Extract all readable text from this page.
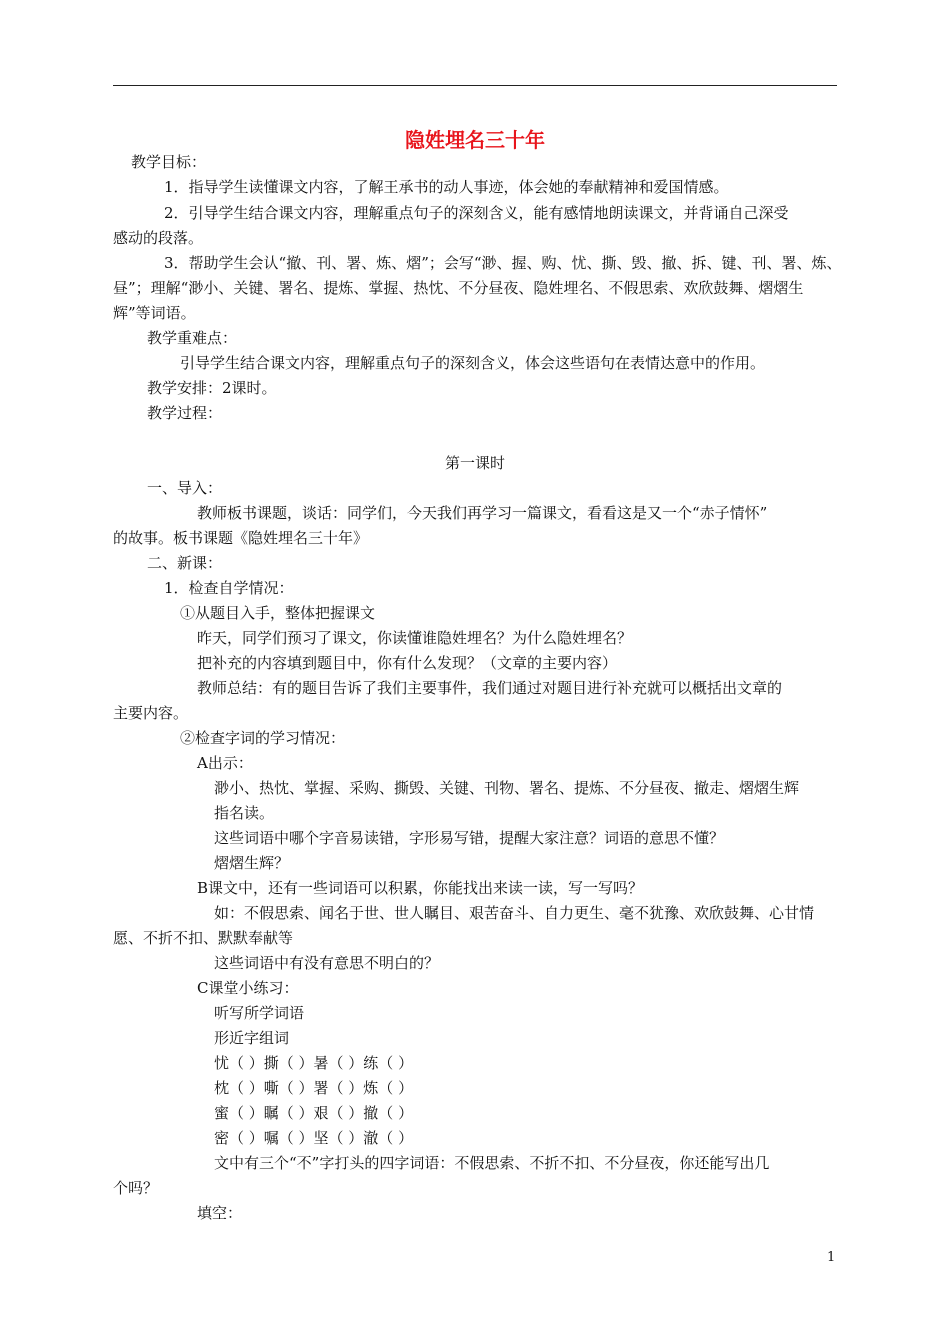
隐姓埋名三十年
教学目标：
1．指导学生读懂课文内容，了解王承书的动人事迹，体会她的奉献精神和爱国情感。
2．引导学生结合课文内容，理解重点句子的深刻含义，能有感情地朗读课文，并背诵自己深受
感动的段落。
3．帮助学生会认“撤、刊、署、炼、熠”；会写“渺、握、购、忧、撕、毁、撤、拆、键、刊、署、炼、
昼”；理解“渺小、关键、署名、提炼、掌握、热忱、不分昼夜、隐姓埋名、不假思索、欢欣鼓舞、熠熠生
辉”等词语。
教学重难点：
引导学生结合课文内容，理解重点句子的深刻含义，体会这些语句在表情达意中的作用。
教学安排：2课时。
教学过程：
第一课时
一、导入：
教师板书课题，谈话：同学们，今天我们再学习一篇课文，看看这是又一个“赤子情怀”
的故事。板书课题《隐姓埋名三十年》
二、新课：
1．检查自学情况：
①从题目入手，整体把握课文
昨天，同学们预习了课文，你读懂谁隐姓埋名？为什么隐姓埋名？
把补充的内容填到题目中，你有什么发现？（文章的主要内容）
教师总结：有的题目告诉了我们主要事件，我们通过对题目进行补充就可以概括出文章的
主要内容。
②检查字词的学习情况：
A出示：
渺小、热忱、掌握、采购、撕毁、关键、刊物、署名、提炼、不分昼夜、撤走、熠熠生辉
指名读。
这些词语中哪个字音易读错，字形易写错，提醒大家注意？词语的意思不懂？
熠熠生辉？
B课文中，还有一些词语可以积累，你能找出来读一读，写一写吗？
如：不假思索、闻名于世、世人瞩目、艰苦奋斗、自力更生、毫不犹豫、欢欣鼓舞、心甘情
愿、不折不扣、默默奉献等
这些词语中有没有意思不明白的？
C课堂小练习：
听写所学词语
形近字组词
忧（ ）撕（ ）暑（ ）练（ ）
枕（ ）嘶（ ）署（ ）炼（ ）
蜜（ ）瞩（ ）艰（ ）撤（ ）
密（ ）嘱（ ）坚（ ）澈（ ）
文中有三个“不”字打头的四字词语：不假思索、不折不扣、不分昼夜，你还能写出几
个吗？
填空：
1
